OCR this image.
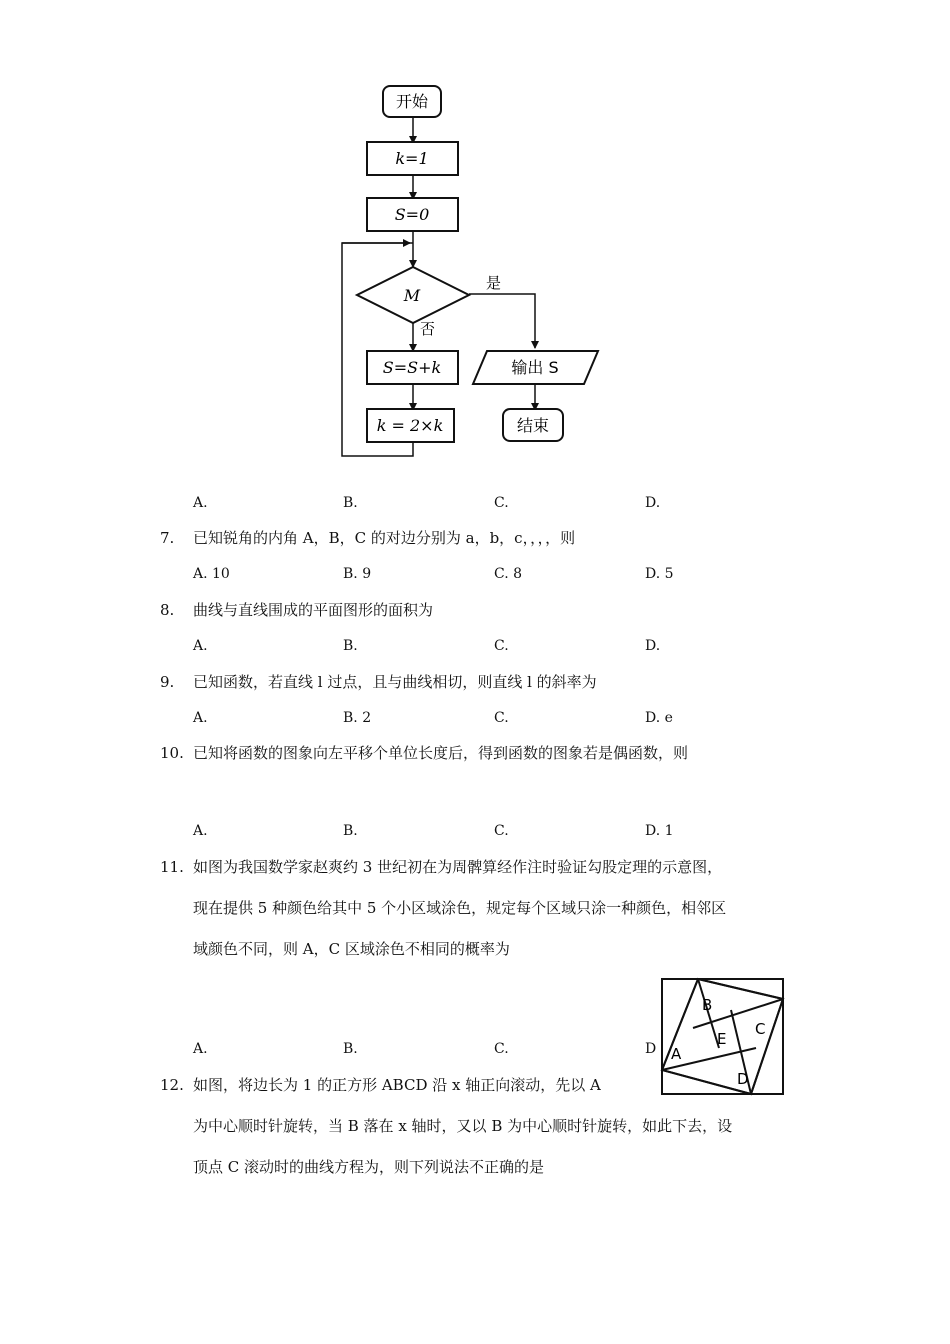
开始
k=1
S=0
M
是
否
S=S+k
k = 2×k
输出 S
结束
A.	B.	C.	D.
7. 已知锐角的内角 A，B，C 的对边分别为 a，b，c，，，，则
A. 10	B. 9	C. 8	D. 5
8. 曲线与直线围成的平面图形的面积为
A.	B.	C.	D.
9. 已知函数，若直线 l 过点，且与曲线相切，则直线 l 的斜率为
A.	B. 2	C.	D. e
10. 已知将函数的图象向左平移个单位长度后，得到函数的图象若是偶函数，则
A.	B.	C.	D. 1
11. 如图为我国数学家赵爽约 3 世纪初在为周髀算经作注时验证勾股定理的示意图，
现在提供 5 种颜色给其中 5 个小区域涂色，规定每个区域只涂一种颜色，相邻区
域颜色不同，则 A，C 区域涂色不相同的概率为
A.	B.	C.	D
B
C
E
A
D
12. 如图，将边长为 1 的正方形 ABCD 沿 x 轴正向滚动，先以 A
为中心顺时针旋转，当 B 落在 x 轴时，又以 B 为中心顺时针旋转，如此下去，设
顶点 C 滚动时的曲线方程为，则下列说法不正确的是
